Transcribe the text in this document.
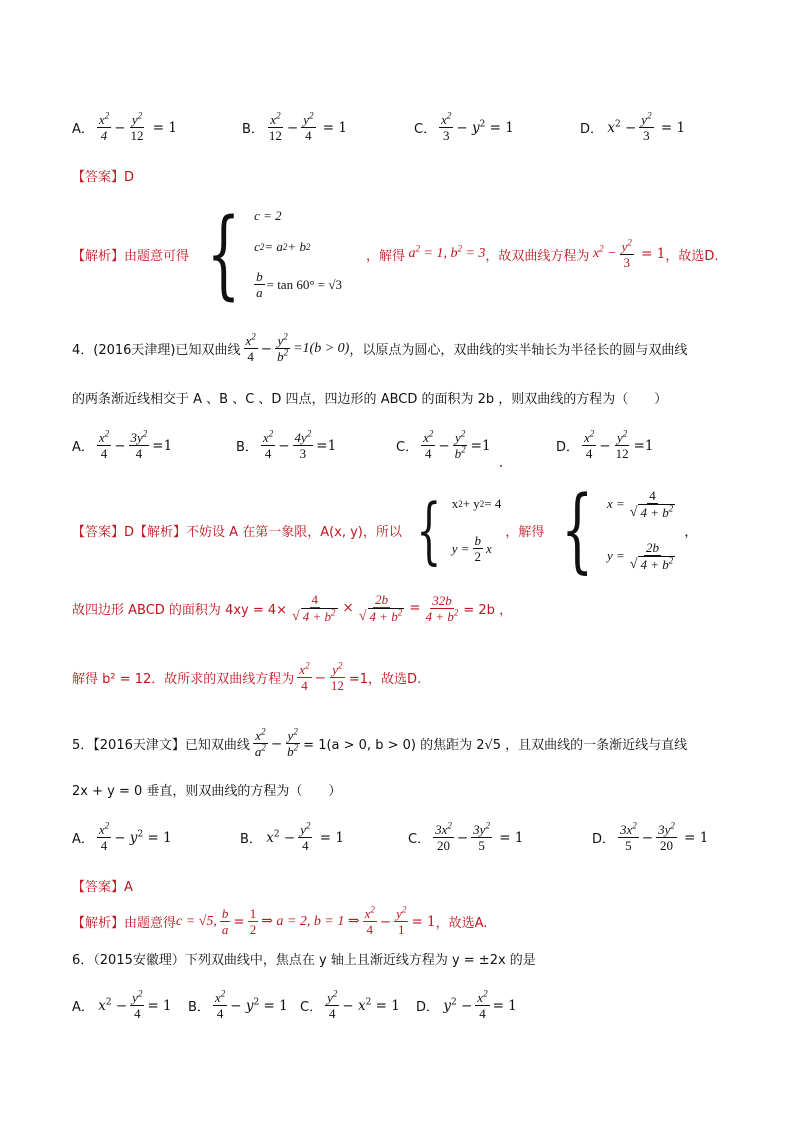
A． $\frac{x^2}{4} - \frac{y^2}{12} = 1$	B． $\frac{x^2}{12} - \frac{y^2}{4} = 1$	C． $\frac{x^2}{3} - y^2 = 1$	D． $x^2 - \frac{y^2}{3} = 1$
【答案】D
【解析】 由题意可得 { c = 2
c 2 = a 2 + b 2
$\frac{b}{a} = \tan 60^\circ = √3$
，解得 $a^2 = 1$, $b^2 = 3$ ，故双曲线方程为 $x^2 - \frac{y^2}{3} = 1$ ，故选D.
4．(2016天津理)已知双曲线 $\frac{x^2}{4} - \frac{y^2}{b^2} =1(b > 0)$ ，以原点为圆心，双曲线的实半轴长为半径长的圆与双曲线
的两条渐近线相交于 A 、B 、C 、D 四点，四边形的 ABCD 的面积为 2b ，则双曲线的方程为（　　）
A． $\frac{x^2}{4} - \frac{3y^2}{4} =1$	B． $\frac{x^2}{4} - \frac{4y^2}{3} =1$	C． $\frac{x^2}{4} - \frac{y^2}{b^2} =1$	D． $\frac{x^2}{4} - \frac{y^2}{12} =1$
【答案】D 【解析】 不妨设 A 在第一象限，A(x, y)，所以 { x 2 + y 2 = 4
$y = \frac{b}{2}$ x
，解得 { $x = \frac{4}{√ 4 + b^2}$
$y = \frac{2b}{√ 4 + b^2}$
，
故四边形 ABCD 的面积为 $4xy = 4\times \frac{4}{√ 4 + b^2} \times \frac{2b}{√ 4 + b^2} = \frac{32b}{4 + b^2} = 2b$ ，
解得 b² = 12．故所求的双曲线方程为 $\frac{x^2}{4} - \frac{y^2}{12} =1$，故选D.
5．【2016天津文】已知双曲线 $\frac{x^2}{a^2} - \frac{y^2}{b^2} = 1(a > 0$, b > 0) 的焦距为 2√5 ，且双曲线的一条渐近线与直线
2x + y = 0 垂直，则双曲线的方程为（　　）
A． $\frac{x^2}{4} - y^2 = 1$	B． $x^2 - \frac{y^2}{4} = 1$	C． $\frac{3x^2}{20} - \frac{3y^2}{5} = 1$	D． $\frac{3x^2}{5} - \frac{3y^2}{20} = 1$
【答案】A
【解析】 由题意得 c = √5, $\frac{b}{a} = \frac{1}{2}$ ⇒ a = 2, b = 1 ⇒ $\frac{x^2}{4} - \frac{y^2}{1} = 1$ ，故选A.
6．（2015安徽理）下列双曲线中，焦点在 y 轴上且渐近线方程为 y = ±2x 的是
A． $x^2 - \frac{y^2}{4} = 1$ B． $\frac{x^2}{4} - y^2 = 1$ C． $\frac{y^2}{4} - x^2 = 1$ D． $y^2 - \frac{x^2}{4} = 1$
